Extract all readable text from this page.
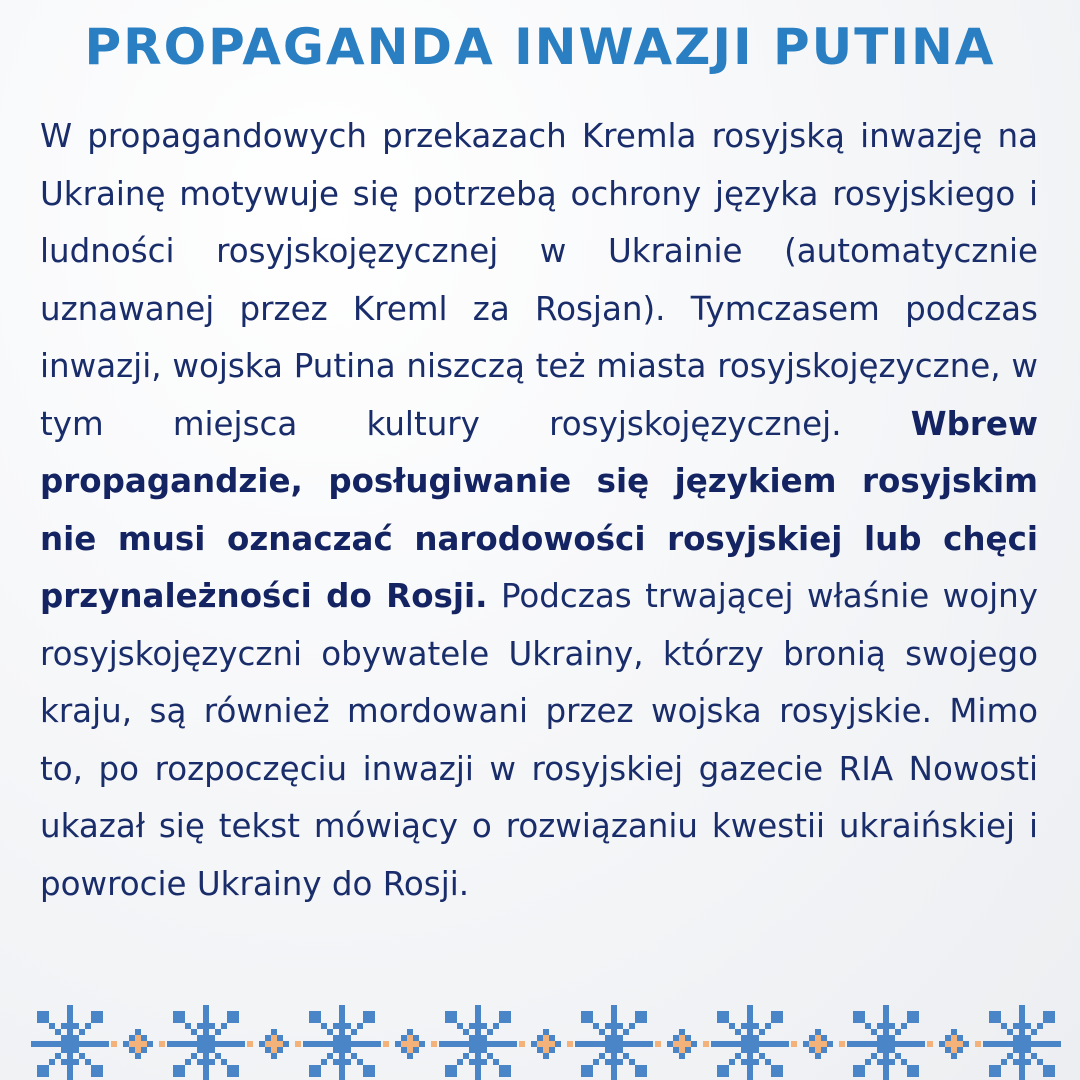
PROPAGANDA INWAZJI PUTINA

W propagandowych przekazach Kremla rosyjską inwazję na Ukrainę motywuje się potrzebą ochrony języka rosyjskiego i ludności rosyjskojęzycznej w Ukrainie (automatycznie uznawanej przez Kreml za Rosjan). Tymczasem podczas inwazji, wojska Putina niszczą też miasta rosyjskojęzyczne, w tym miejsca kultury rosyjskojęzycznej. Wbrew propagandzie, posługiwanie się językiem rosyjskim nie musi oznaczać narodowości rosyjskiej lub chęci przynależności do Rosji. Podczas trwającej właśnie wojny rosyjskojęzyczni obywatele Ukrainy, którzy bronią swojego kraju, są również mordowani przez wojska rosyjskie. Mimo to, po rozpoczęciu inwazji w rosyjskiej gazecie RIA Nowosti ukazał się tekst mówiący o rozwiązaniu kwestii ukraińskiej i powrocie Ukrainy do Rosji.
